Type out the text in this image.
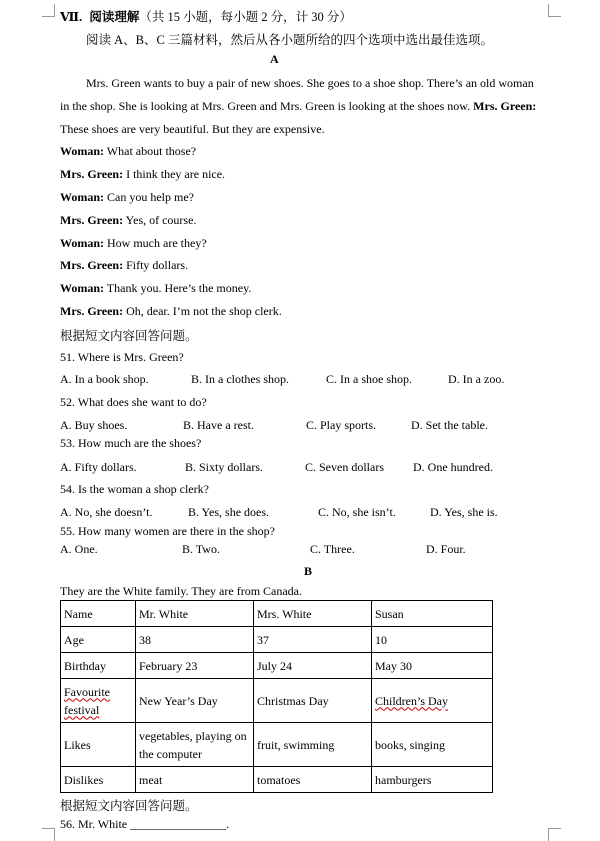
Ⅶ. 阅读理解（共 15 小题，每小题 2 分，计 30 分）
阅读 A、B、C 三篇材料，然后从各小题所给的四个选项中选出最佳选项。
A
Mrs. Green wants to buy a pair of new shoes. She goes to a shoe shop. There’s an old woman
in the shop. She is looking at Mrs. Green and Mrs. Green is looking at the shoes now. Mrs. Green:
These shoes are very beautiful. But they are expensive.
Woman: What about those?
Mrs. Green: I think they are nice.
Woman: Can you help me?
Mrs. Green: Yes, of course.
Woman: How much are they?
Mrs. Green: Fifty dollars.
Woman: Thank you. Here’s the money.
Mrs. Green: Oh, dear. I’m not the shop clerk.
根据短文内容回答问题。
51. Where is Mrs. Green?
A. In a book shop.	B. In a clothes shop.	C. In a shoe shop.	D. In a zoo.
52. What does she want to do?
A. Buy shoes.	B. Have a rest.	C. Play sports.	D. Set the table.
53. How much are the shoes?
A. Fifty dollars.	B. Sixty dollars.	C. Seven dollars D. One hundred.
54. Is the woman a shop clerk?
A. No, she doesn’t.	B. Yes, she does.	C. No, she isn’t.	D. Yes, she is.
55. How many women are there in the shop?
A. One.	B. Two.	C. Three.	D. Four.
B
They are the White family. They are from Canada.
Name	Mr. White	Mrs. White	Susan
Age	38	37	10
Birthday	February 23	July 24	May 30
Favourite festival	New Year’s Day	Christmas Day	Children’s Day
Likes	vegetables, playing on the computer	fruit, swimming	books, singing
Dislikes	meat	tomatoes	hamburgers
根据短文内容回答问题。
56. Mr. White ________________.
